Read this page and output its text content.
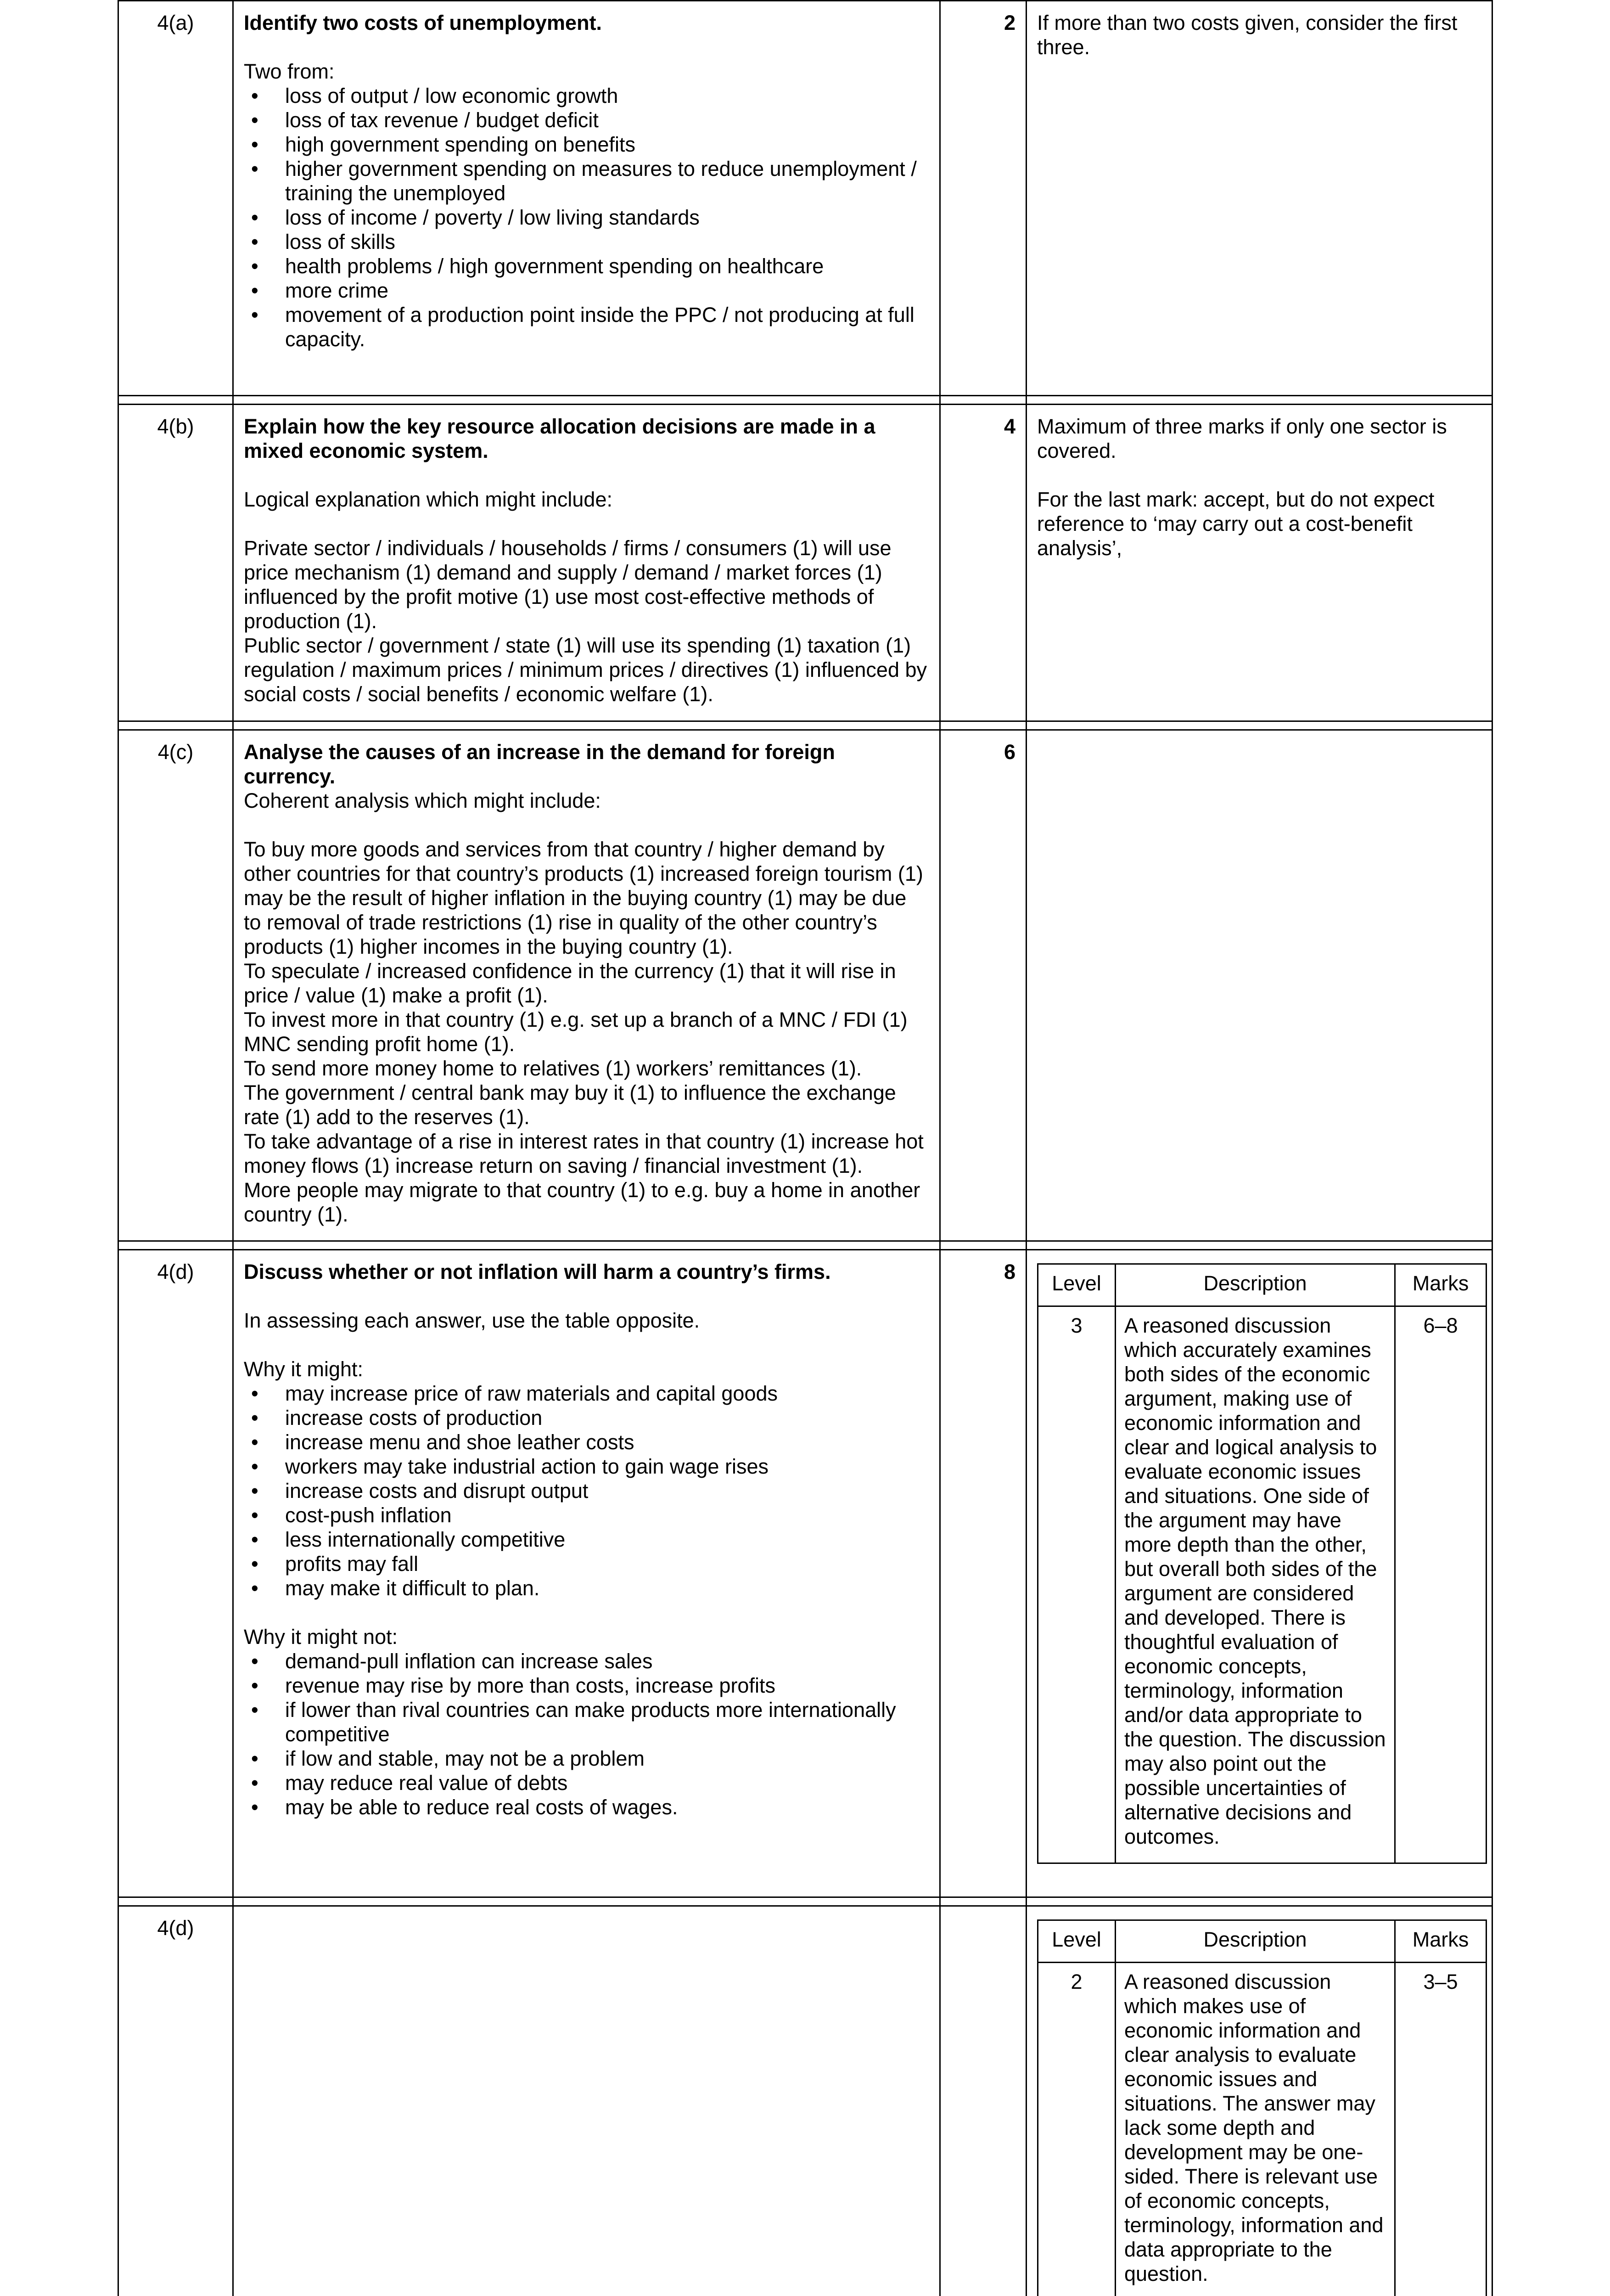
4(a)	Identify two costs of unemployment.

Two from:

• loss of output / low economic growth
• loss of tax revenue / budget deficit
• high government spending on benefits
• higher government spending on measures to reduce unemployment / training the unemployed
• loss of income / poverty / low living standards
• loss of skills
• health problems / high government spending on healthcare
• more crime
• movement of a production point inside the PPC / not producing at full capacity.
	2	If more than two costs given, consider the first three.

4(b)	Explain how the key resource allocation decisions are made in a mixed economic system.

Logical explanation which might include:

Private sector / individuals / households / firms / consumers (1) will use price mechanism (1) demand and supply / demand / market forces (1) influenced by the profit motive (1) use most cost-effective methods of production (1).

Public sector / government / state (1) will use its spending (1) taxation (1) regulation / maximum prices / minimum prices / directives (1) influenced by social costs / social benefits / economic welfare (1).

	4	Maximum of three marks if only one sector is covered.

For the last mark: accept, but do not expect reference to ‘may carry out a cost-benefit analysis’,

4(c)	Analyse the causes of an increase in the demand for foreign currency.

Coherent analysis which might include:

To buy more goods and services from that country / higher demand by other countries for that country’s products (1) increased foreign tourism (1) may be the result of higher inflation in the buying country (1) may be due to removal of trade restrictions (1) rise in quality of the other country’s products (1) higher incomes in the buying country (1).

To speculate / increased confidence in the currency (1) that it will rise in price / value (1) make a profit (1).

To invest more in that country (1) e.g. set up a branch of a MNC / FDI (1) MNC sending profit home (1).

To send more money home to relatives (1) workers’ remittances (1).

The government / central bank may buy it (1) to influence the exchange rate (1) add to the reserves (1).

To take advantage of a rise in interest rates in that country (1) increase hot money flows (1) increase return on saving / financial investment (1).

More people may migrate to that country (1) to e.g. buy a home in another country (1).

	6	

4(d)	Discuss whether or not inflation will harm a country’s firms.

In assessing each answer, use the table opposite.

Why it might:

• may increase price of raw materials and capital goods
• increase costs of production
• increase menu and shoe leather costs
• workers may take industrial action to gain wage rises
• increase costs and disrupt output
• cost-push inflation
• less internationally competitive
• profits may fall
• may make it difficult to plan.

Why it might not:

• demand-pull inflation can increase sales
• revenue may rise by more than costs, increase profits
• if lower than rival countries can make products more internationally competitive
• if low and stable, may not be a problem
• may reduce real value of debts
• may be able to reduce real costs of wages.
	8	Level	Description	Marks
3	A reasoned discussion which accurately examines both sides of the economic argument, making use of economic information and clear and logical analysis to evaluate economic issues and situations. One side of the argument may have more depth than the other, but overall both sides of the argument are considered and developed. There is thoughtful evaluation of economic concepts, terminology, information and/or data appropriate to the question. The discussion may also point out the possible uncertainties of alternative decisions and outcomes.	6–8

4(d)				Level	Description	Marks
2	A reasoned discussion which makes use of economic information and clear analysis to evaluate economic issues and situations. The answer may lack some depth and development may be one-sided. There is relevant use of economic concepts, terminology, information and data appropriate to the question.	3–5
